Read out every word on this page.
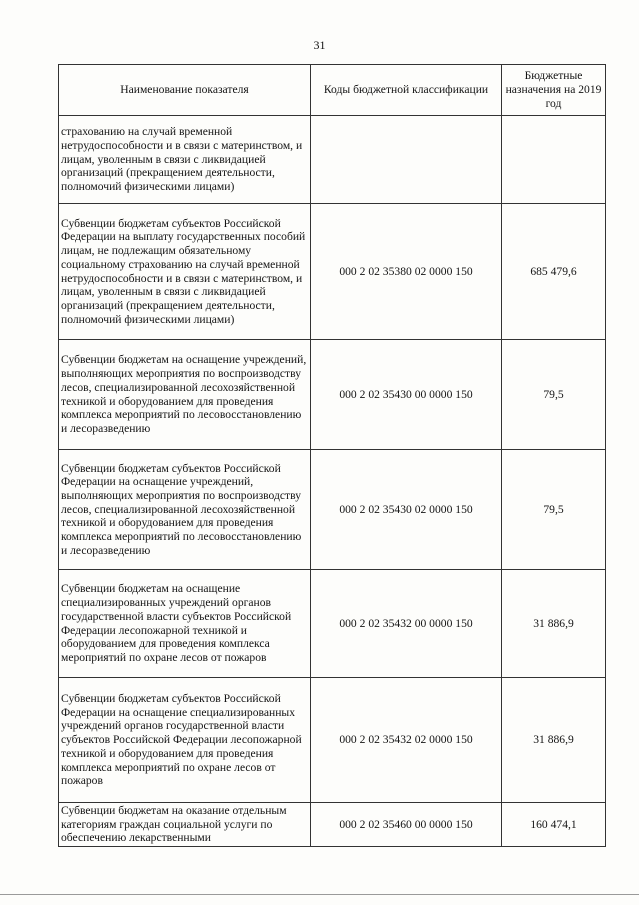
31
Наименование показателя	Коды бюджетной классификации	Бюджетные назначения на 2019 год
страхованию на случай временной нетрудоспособности и в связи с материнством, и лицам, уволенным в связи с ликвидацией организаций (прекращением деятельности, полномочий физическими лицами)		
Субвенции бюджетам субъектов Российской Федерации на выплату государственных пособий лицам, не подлежащим обязательному социальному страхованию на случай временной нетрудоспособности и в связи с материнством, и лицам, уволенным в связи с ликвидацией организаций (прекращением деятельности, полномочий физическими лицами)	000 2 02 35380 02 0000 150	685 479,6
Субвенции бюджетам на оснащение учреждений, выполняющих мероприятия по воспроизводству лесов, специализированной лесохозяйственной техникой и оборудованием для проведения комплекса мероприятий по лесовосстановлению и лесоразведению	000 2 02 35430 00 0000 150	79,5
Субвенции бюджетам субъектов Российской Федерации на оснащение учреждений, выполняющих мероприятия по воспроизводству лесов, специализированной лесохозяйственной техникой и оборудованием для проведения комплекса мероприятий по лесовосстановлению и лесоразведению	000 2 02 35430 02 0000 150	79,5
Субвенции бюджетам на оснащение специализированных учреждений органов государственной власти субъектов Российской Федерации лесопожарной техникой и оборудованием для проведения комплекса мероприятий по охране лесов от пожаров	000 2 02 35432 00 0000 150	31 886,9
Субвенции бюджетам субъектов Российской Федерации на оснащение специализированных учреждений органов государственной власти субъектов Российской Федерации лесопожарной техникой и оборудованием для проведения комплекса мероприятий по охране лесов от пожаров	000 2 02 35432 02 0000 150	31 886,9
Субвенции бюджетам на оказание отдельным категориям граждан социальной услуги по обеспечению лекарственными	000 2 02 35460 00 0000 150	160 474,1
